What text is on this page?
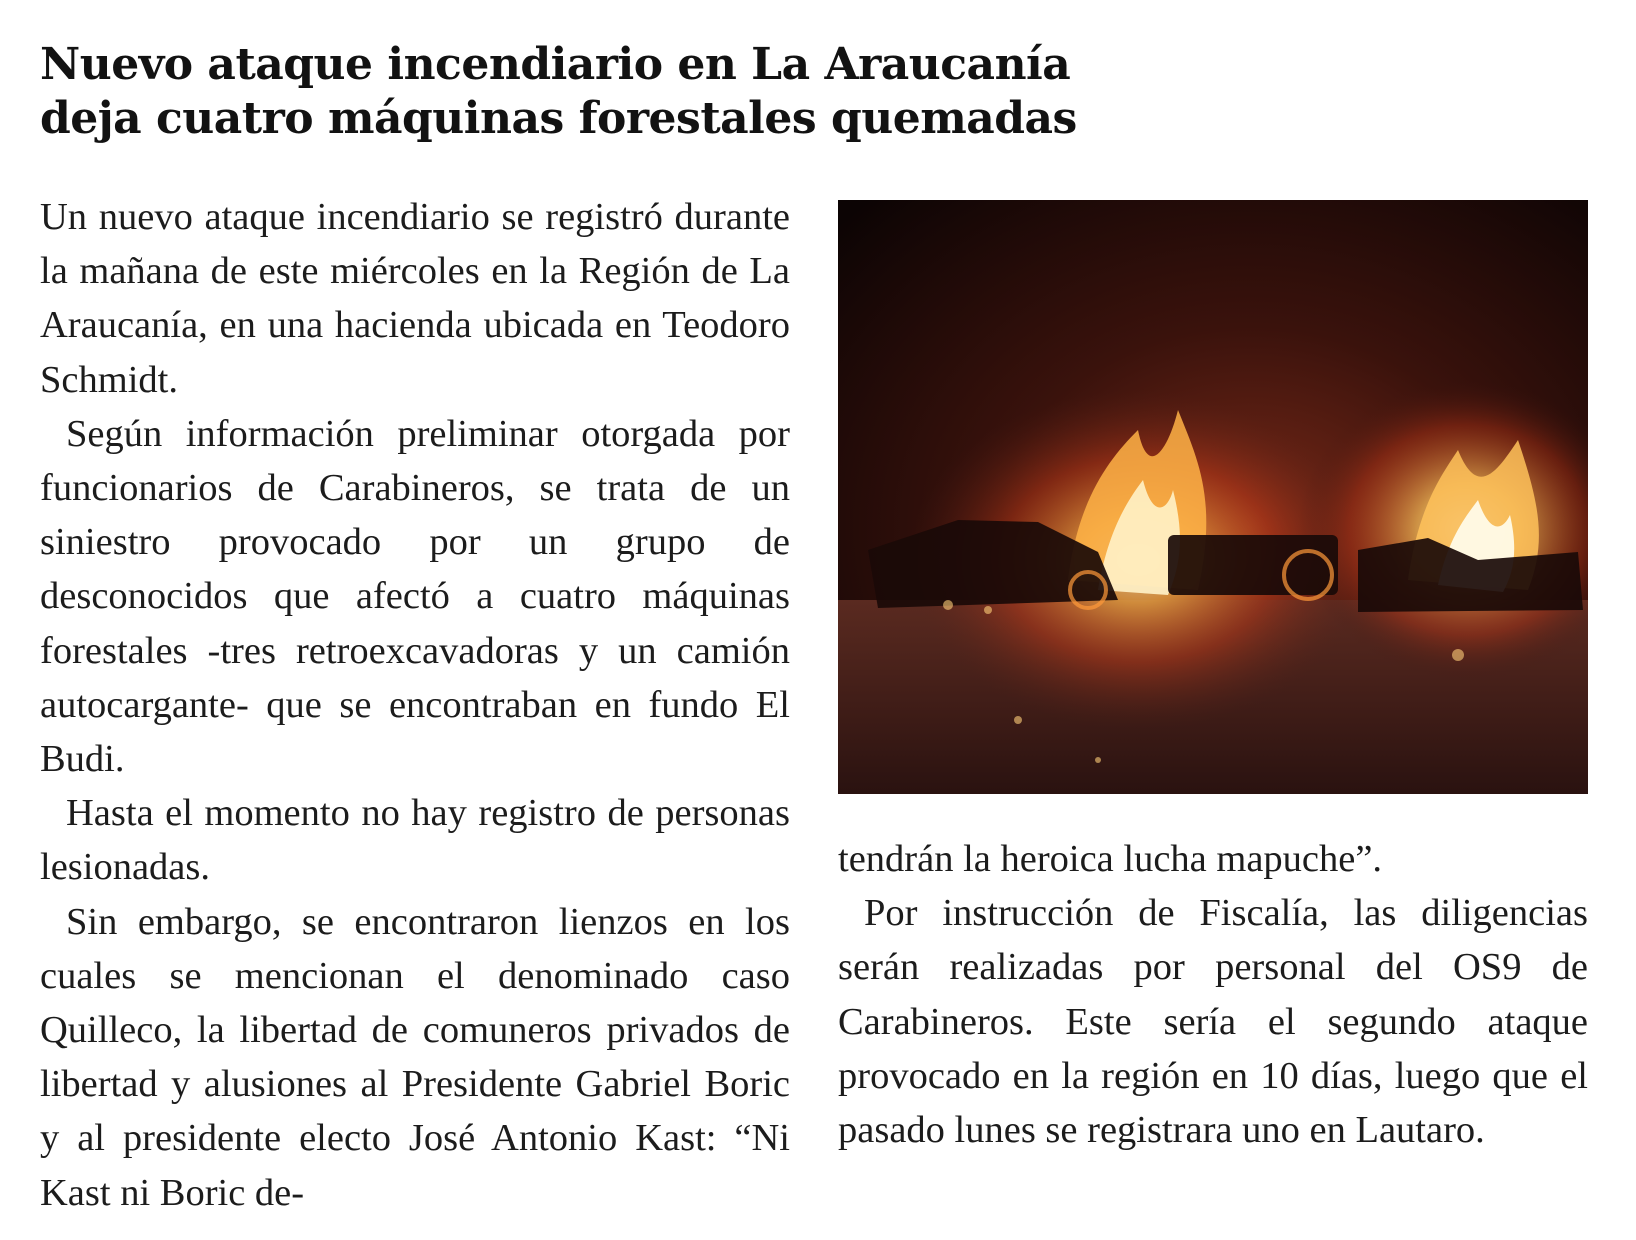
Nuevo ataque incendiario en La Araucanía deja cuatro máquinas forestales quemadas

Un nuevo ataque incendiario se registró durante la mañana de este miércoles en la Región de La Araucanía, en una hacienda ubicada en Teodoro Schmidt.

Según información preliminar otorgada por funcionarios de Carabineros, se trata de un siniestro provocado por un grupo de desconocidos que afectó a cuatro máquinas forestales -tres retroexcavadoras y un camión autocargante- que se encontraban en fundo El Budi.

Hasta el momento no hay registro de personas lesionadas.

Sin embargo, se encontraron lienzos en los cuales se mencionan el denominado caso Quilleco, la libertad de comuneros privados de libertad y alusiones al Presidente Gabriel Boric y al presidente electo José Antonio Kast: “Ni Kast ni Boric de-

tendrán la heroica lucha mapuche”.

Por instrucción de Fiscalía, las diligencias serán realizadas por personal del OS9 de Carabineros. Este sería el segundo ataque provocado en la región en 10 días, luego que el pasado lunes se registrara uno en Lautaro.
